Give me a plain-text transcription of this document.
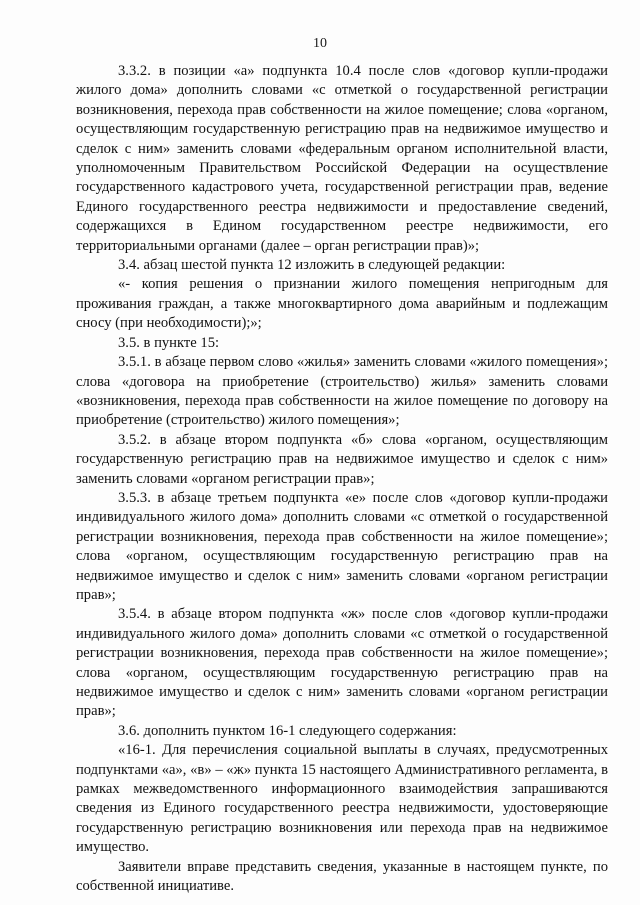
10

3.3.2. в позиции «а» подпункта 10.4 после слов «договор купли-продажи жилого дома» дополнить словами «с отметкой о государственной регистрации возникновения, перехода прав собственности на жилое помещение; слова «органом, осуществляющим государственную регистрацию прав на недвижимое имущество и сделок с ним» заменить словами «федеральным органом исполнительной власти, уполномоченным Правительством Российской Федерации на осуществление государственного кадастрового учета, государственной регистрации прав, ведение Единого государственного реестра недвижимости и предоставление сведений, содержащихся в Едином государственном реестре недвижимости, его территориальными органами (далее – орган регистрации прав)»;

3.4. абзац шестой пункта 12 изложить в следующей редакции:

«- копия решения о признании жилого помещения непригодным для проживания граждан, а также многоквартирного дома аварийным и подлежащим сносу (при необходимости);»;

3.5. в пункте 15:

3.5.1. в абзаце первом слово «жилья» заменить словами «жилого помещения»; слова «договора на приобретение (строительство) жилья» заменить словами «возникновения, перехода прав собственности на жилое помещение по договору на приобретение (строительство) жилого помещения»;

3.5.2. в абзаце втором подпункта «б» слова «органом, осуществляющим государственную регистрацию прав на недвижимое имущество и сделок с ним» заменить словами «органом регистрации прав»;

3.5.3. в абзаце третьем подпункта «е» после слов «договор купли-продажи индивидуального жилого дома» дополнить словами «с отметкой о государственной регистрации возникновения, перехода прав собственности на жилое помещение»; слова «органом, осуществляющим государственную регистрацию прав на недвижимое имущество и сделок с ним» заменить словами «органом регистрации прав»;

3.5.4. в абзаце втором подпункта «ж» после слов «договор купли-продажи индивидуального жилого дома» дополнить словами «с отметкой о государственной регистрации возникновения, перехода прав собственности на жилое помещение»; слова «органом, осуществляющим государственную регистрацию прав на недвижимое имущество и сделок с ним» заменить словами «органом регистрации прав»;

3.6. дополнить пунктом 16-1 следующего содержания:

«16-1. Для перечисления социальной выплаты в случаях, предусмотренных подпунктами «а», «в» – «ж» пункта 15 настоящего Административного регламента, в рамках межведомственного информационного взаимодействия запрашиваются сведения из Единого государственного реестра недвижимости, удостоверяющие государственную регистрацию возникновения или перехода прав на недвижимое имущество.

Заявители вправе представить сведения, указанные в настоящем пункте, по собственной инициативе.
